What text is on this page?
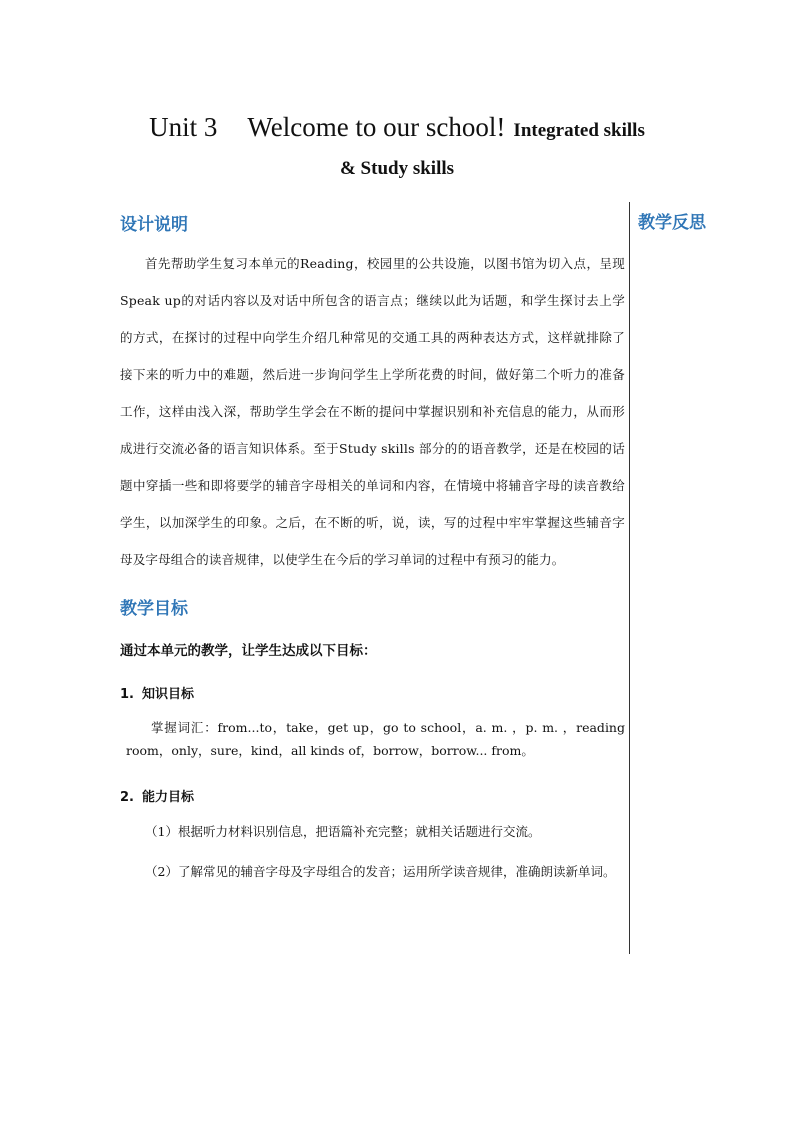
Unit 3 Welcome to our school! Integrated skills
& Study skills
教学反思
设计说明

首先帮助学生复习本单元的Reading，校园里的公共设施，以图书馆为切入点，呈现Speak up的对话内容以及对话中所包含的语言点；继续以此为话题，和学生探讨去上学的方式，在探讨的过程中向学生介绍几种常见的交通工具的两种表达方式，这样就排除了接下来的听力中的难题，然后进一步询问学生上学所花费的时间，做好第二个听力的准备工作，这样由浅入深，帮助学生学会在不断的提问中掌握识别和补充信息的能力，从而形成进行交流必备的语言知识体系。至于Study skills 部分的的语音教学，还是在校园的话题中穿插一些和即将要学的辅音字母相关的单词和内容，在情境中将辅音字母的读音教给学生，以加深学生的印象。之后，在不断的听，说，读，写的过程中牢牢掌握这些辅音字母及字母组合的读音规律，以使学生在今后的学习单词的过程中有预习的能力。

教学目标

通过本单元的教学，让学生达成以下目标：

1. 知识目标

掌握词汇：from...to，take，get up，go to school，a. m. ，p. m. ，reading room，only，sure，kind，all kinds of，borrow，borrow... from。

2. 能力目标

（1）根据听力材料识别信息，把语篇补充完整；就相关话题进行交流。

（2）了解常见的辅音字母及字母组合的发音；运用所学读音规律，准确朗读新单词。
